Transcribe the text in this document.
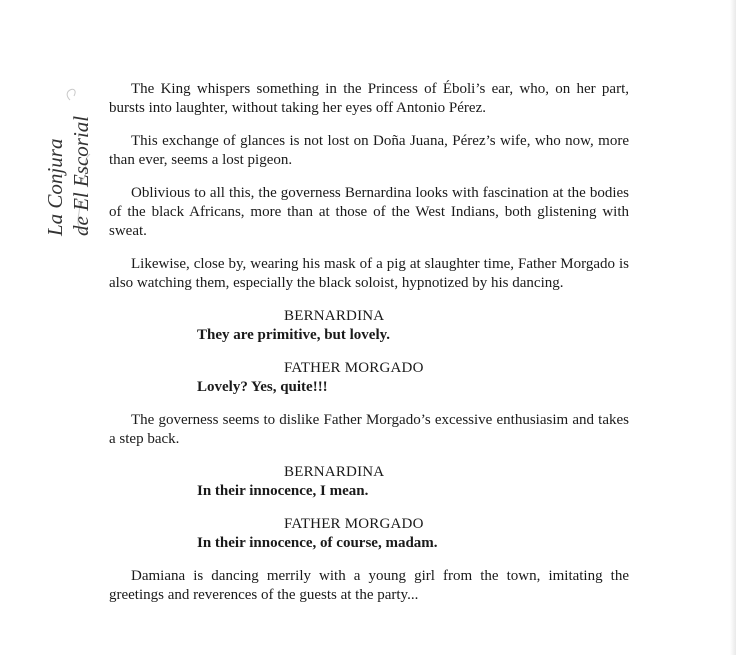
La Conjura de El Escorial

The King whispers something in the Princess of Éboli’s ear, who, on her part, bursts into laughter, without taking her eyes off Antonio Pérez.

This exchange of glances is not lost on Doña Juana, Pérez’s wife, who now, more than ever, seems a lost pigeon.

Oblivious to all this, the governess Bernardina looks with fascination at the bodies of the black Africans, more than at those of the West Indians, both glistening with sweat.

Likewise, close by, wearing his mask of a pig at slaughter time, Father Morgado is also watching them, especially the black soloist, hypnotized by his dancing.

BERNARDINA
They are primitive, but lovely.
FATHER MORGADO
Lovely? Yes, quite!!!

The governess seems to dislike Father Morgado’s excessive enthusiasim and takes a step back.

BERNARDINA
In their innocence, I mean.
FATHER MORGADO
In their innocence, of course, madam.

Damiana is dancing merrily with a young girl from the town, imitating the greetings and reverences of the guests at the party...
